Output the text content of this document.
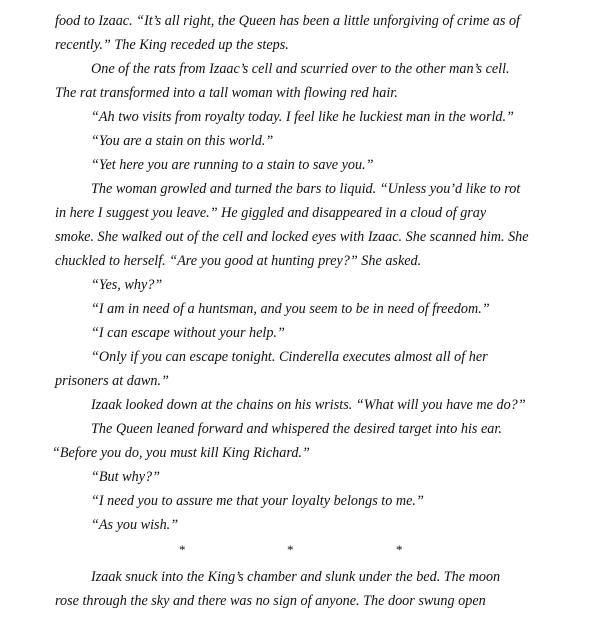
food to Izaac. “It’s all right, the Queen has been a little unforgiving of crime as of
recently.” The King receded up the steps.
One of the rats from Izaac’s cell and scurried over to the other man’s cell.
The rat transformed into a tall woman with flowing red hair.
“Ah two visits from royalty today. I feel like he luckiest man in the world.”
“You are a stain on this world.”
“Yet here you are running to a stain to save you.”
The woman growled and turned the bars to liquid. “Unless you’d like to rot
in here I suggest you leave.” He giggled and disappeared in a cloud of gray
smoke. She walked out of the cell and locked eyes with Izaac. She scanned him. She
chuckled to herself. “Are you good at hunting prey?” She asked.
“Yes, why?”
“I am in need of a huntsman, and you seem to be in need of freedom.”
“I can escape without your help.”
“Only if you can escape tonight. Cinderella executes almost all of her
prisoners at dawn.”
Izaak looked down at the chains on his wrists. “What will you have me do?”
The Queen leaned forward and whispered the desired target into his ear.
“Before you do, you must kill King Richard.”
“But why?”
“I need you to assure me that your loyalty belongs to me.”
“As you wish.”
*	*	*
Izaak snuck into the King’s chamber and slunk under the bed. The moon
rose through the sky and there was no sign of anyone. The door swung open
